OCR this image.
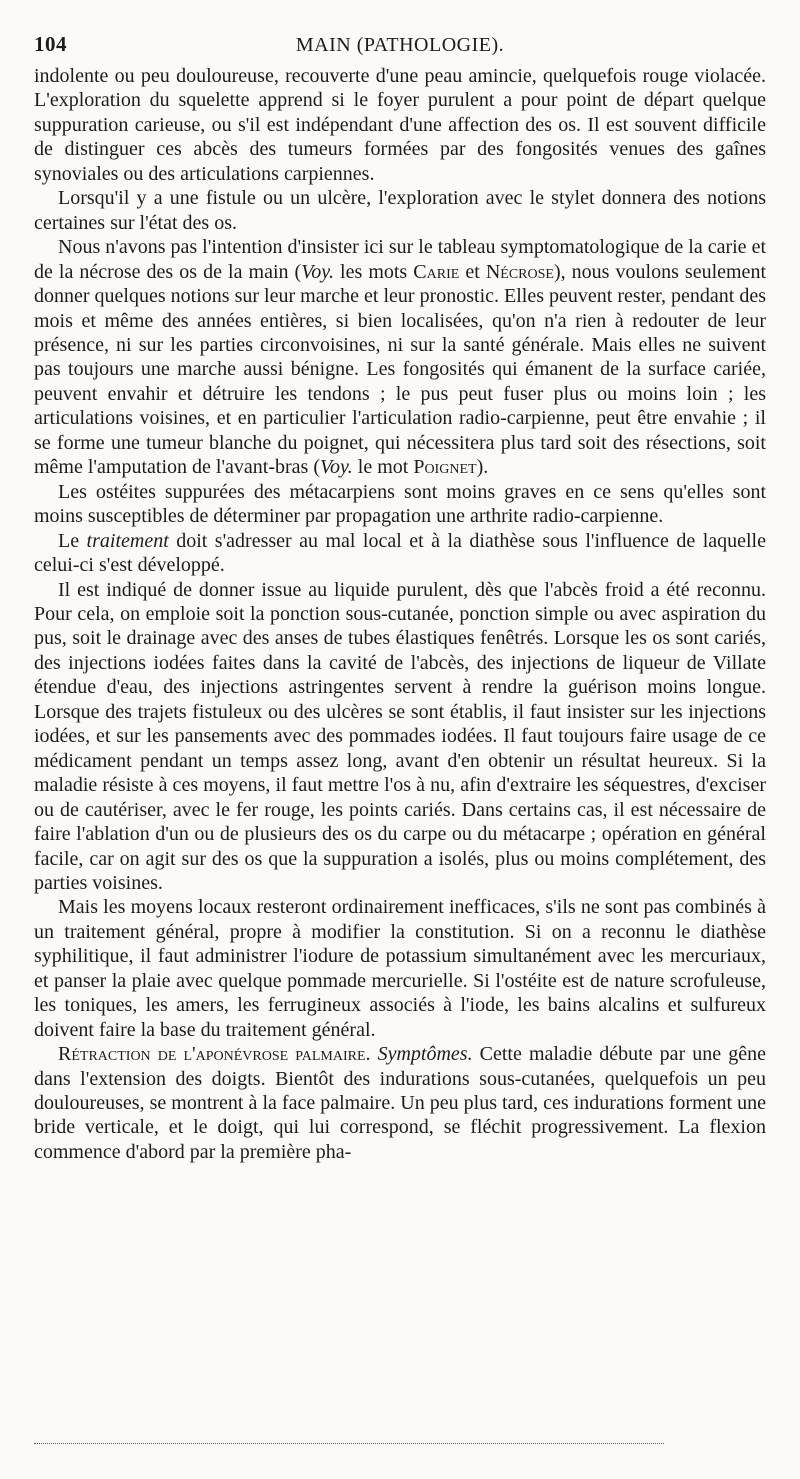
104	MAIN (PATHOLOGIE).

indolente ou peu douloureuse, recouverte d'une peau amincie, quelquefois rouge violacée. L'exploration du squelette apprend si le foyer purulent a pour point de départ quelque suppuration carieuse, ou s'il est indépendant d'une affection des os. Il est souvent difficile de distinguer ces abcès des tumeurs formées par des fongosités venues des gaînes synoviales ou des articulations carpiennes.

Lorsqu'il y a une fistule ou un ulcère, l'exploration avec le stylet donnera des notions certaines sur l'état des os.

Nous n'avons pas l'intention d'insister ici sur le tableau symptomatologique de la carie et de la nécrose des os de la main (Voy. les mots Carie et Nécrose), nous voulons seulement donner quelques notions sur leur marche et leur pronostic. Elles peuvent rester, pendant des mois et même des années entières, si bien localisées, qu'on n'a rien à redouter de leur présence, ni sur les parties circonvoisines, ni sur la santé générale. Mais elles ne suivent pas toujours une marche aussi bénigne. Les fongosités qui émanent de la surface cariée, peuvent envahir et détruire les tendons ; le pus peut fuser plus ou moins loin ; les articulations voisines, et en particulier l'articulation radio-carpienne, peut être envahie ; il se forme une tumeur blanche du poignet, qui nécessitera plus tard soit des résections, soit même l'amputation de l'avant-bras (Voy. le mot Poignet).

Les ostéites suppurées des métacarpiens sont moins graves en ce sens qu'elles sont moins susceptibles de déterminer par propagation une arthrite radio-carpienne.

Le traitement doit s'adresser au mal local et à la diathèse sous l'influence de laquelle celui-ci s'est développé.

Il est indiqué de donner issue au liquide purulent, dès que l'abcès froid a été reconnu. Pour cela, on emploie soit la ponction sous-cutanée, ponction simple ou avec aspiration du pus, soit le drainage avec des anses de tubes élastiques fenêtrés. Lorsque les os sont cariés, des injections iodées faites dans la cavité de l'abcès, des injections de liqueur de Villate étendue d'eau, des injections astringentes servent à rendre la guérison moins longue. Lorsque des trajets fistuleux ou des ulcères se sont établis, il faut insister sur les injections iodées, et sur les pansements avec des pommades iodées. Il faut toujours faire usage de ce médicament pendant un temps assez long, avant d'en obtenir un résultat heureux. Si la maladie résiste à ces moyens, il faut mettre l'os à nu, afin d'extraire les séquestres, d'exciser ou de cautériser, avec le fer rouge, les points cariés. Dans certains cas, il est nécessaire de faire l'ablation d'un ou de plusieurs des os du carpe ou du métacarpe ; opération en général facile, car on agit sur des os que la suppuration a isolés, plus ou moins complétement, des parties voisines.

Mais les moyens locaux resteront ordinairement inefficaces, s'ils ne sont pas combinés à un traitement général, propre à modifier la constitution. Si on a reconnu le diathèse syphilitique, il faut administrer l'iodure de potassium simultanément avec les mercuriaux, et panser la plaie avec quelque pommade mercurielle. Si l'ostéite est de nature scrofuleuse, les toniques, les amers, les ferrugineux associés à l'iode, les bains alcalins et sulfureux doivent faire la base du traitement général.

Rétraction de l'aponévrose palmaire. Symptômes. Cette maladie débute par une gêne dans l'extension des doigts. Bientôt des indurations sous-cutanées, quelquefois un peu douloureuses, se montrent à la face palmaire. Un peu plus tard, ces indurations forment une bride verticale, et le doigt, qui lui correspond, se fléchit progressivement. La flexion commence d'abord par la première pha-
